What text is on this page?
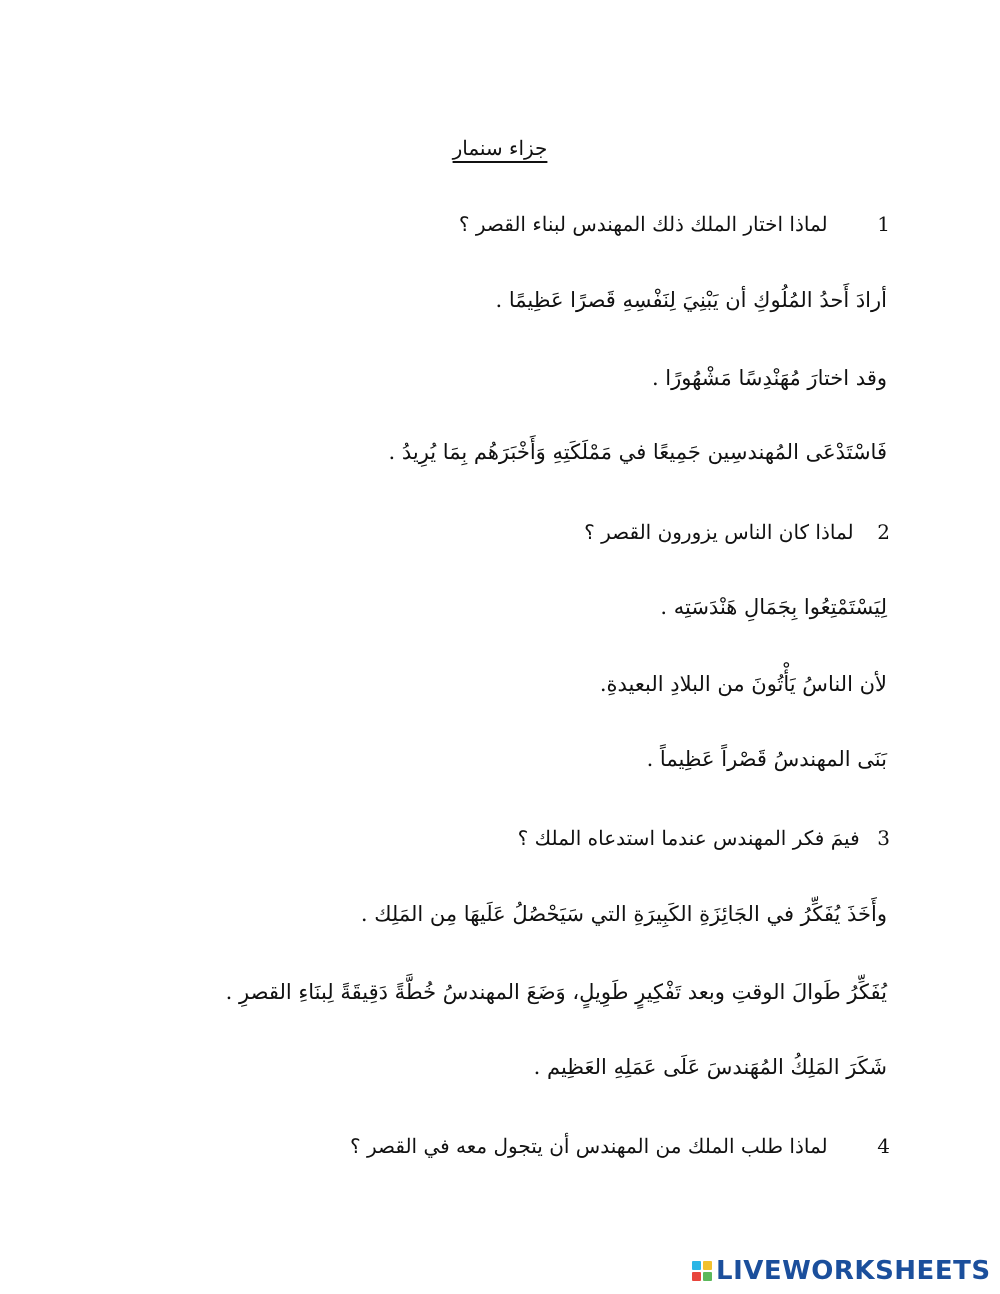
جزاء سنمار
1 لماذا اختار الملك ذلك المهندس لبناء القصر ؟
أرادَ أَحدُ المُلُوكِ أن يَبْنِيَ لِنَفْسِهِ قَصرًا عَظِيمًا .
وقد اختارَ مُهَنْدِسًا مَشْهُورًا .
فَاسْتَدْعَى المُهندسِين جَمِيعًا في مَمْلَكَتِهِ وَأَخْبَرَهُم بِمَا يُرِيدُ .
2 لماذا كان الناس يزورون القصر ؟
لِيَسْتَمْتِعُوا بِجَمَالِ هَنْدَسَتِه .
لأن الناسُ يَأْتُونَ من البلادِ البعيدةِ.
بَنَى المهندسُ قَصْراً عَظِيماً .
3 فيمَ فكر المهندس عندما استدعاه الملك ؟
وأَخَذَ يُفَكِّرُ في الجَائِزَةِ الكَبِيرَةِ التي سَيَحْصُلُ عَلَيهَا مِن المَلِك .
يُفَكِّرُ طَوالَ الوقتِ وبعد تَفْكِيرٍ طَوِيلٍ، وَضَعَ المهندسُ خُطَّةً دَقِيقَةً لِبنَاءِ القصرِ .
شَكَرَ المَلِكُ المُهَندسَ عَلَى عَمَلِهِ العَظِيم .
4 لماذا طلب الملك من المهندس أن يتجول معه في القصر ؟
LIVEWORKSHEETS
